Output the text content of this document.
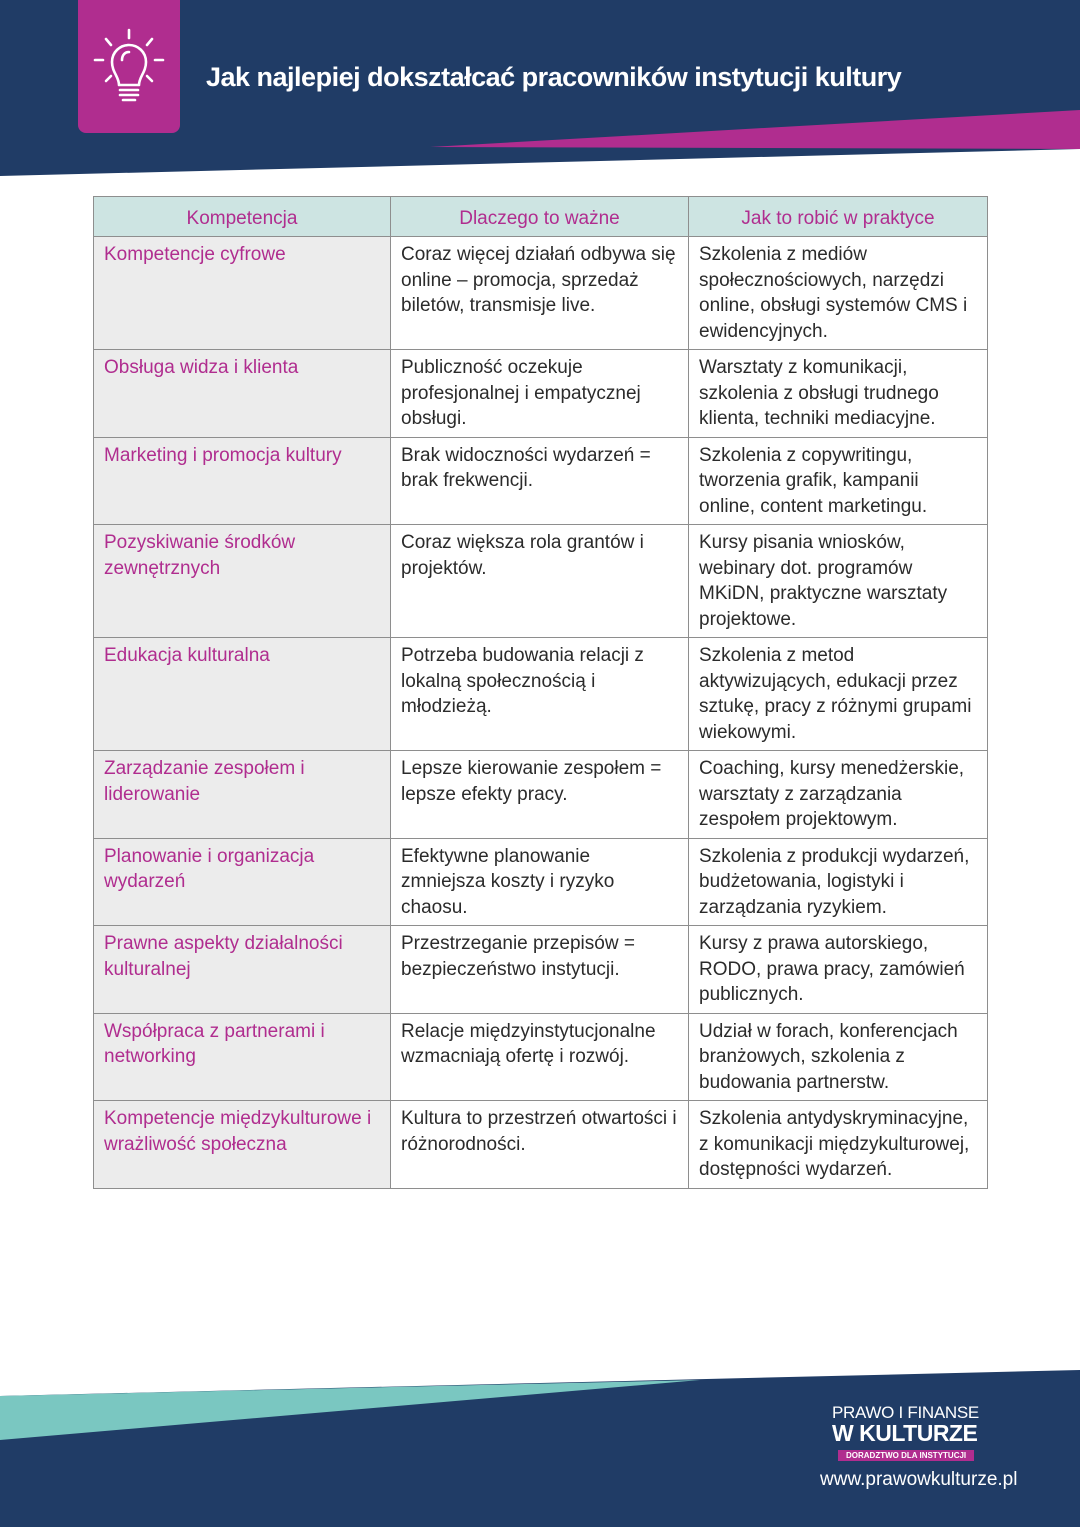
Jak najlepiej dokształcać pracowników instytucji kultury
Kompetencja	Dlaczego to ważne	Jak to robić w praktyce
Kompetencje cyfrowe	Coraz więcej działań odbywa się online – promocja, sprzedaż biletów, transmisje live.	Szkolenia z mediów społecznościowych, narzędzi online, obsługi systemów CMS i ewidencyjnych.
Obsługa widza i klienta	Publiczność oczekuje profesjonalnej i empatycznej obsługi.	Warsztaty z komunikacji, szkolenia z obsługi trudnego klienta, techniki mediacyjne.
Marketing i promocja kultury	Brak widoczności wydarzeń = brak frekwencji.	Szkolenia z copywritingu, tworzenia grafik, kampanii online, content marketingu.
Pozyskiwanie środków zewnętrznych	Coraz większa rola grantów i projektów.	Kursy pisania wniosków, webinary dot. programów MKiDN, praktyczne warsztaty projektowe.
Edukacja kulturalna	Potrzeba budowania relacji z lokalną społecznością i młodzieżą.	Szkolenia z metod aktywizujących, edukacji przez sztukę, pracy z różnymi grupami wiekowymi.
Zarządzanie zespołem i liderowanie	Lepsze kierowanie zespołem = lepsze efekty pracy.	Coaching, kursy menedżerskie, warsztaty z zarządzania zespołem projektowym.
Planowanie i organizacja wydarzeń	Efektywne planowanie zmniejsza koszty i ryzyko chaosu.	Szkolenia z produkcji wydarzeń, budżetowania, logistyki i zarządzania ryzykiem.
Prawne aspekty działalności kulturalnej	Przestrzeganie przepisów = bezpieczeństwo instytucji.	Kursy z prawa autorskiego, RODO, prawa pracy, zamówień publicznych.
Współpraca z partnerami i networking	Relacje międzyinstytucjonalne wzmacniają ofertę i rozwój.	Udział w forach, konferencjach branżowych, szkolenia z budowania partnerstw.
Kompetencje międzykulturowe i wrażliwość społeczna	Kultura to przestrzeń otwartości i różnorodności.	Szkolenia antydyskryminacyjne, z komunikacji międzykulturowej, dostępności wydarzeń.
PRAWO I FINANSE
W KULTURZE
DORADZTWO DLA INSTYTUCJI
www.prawowkulturze.pl
